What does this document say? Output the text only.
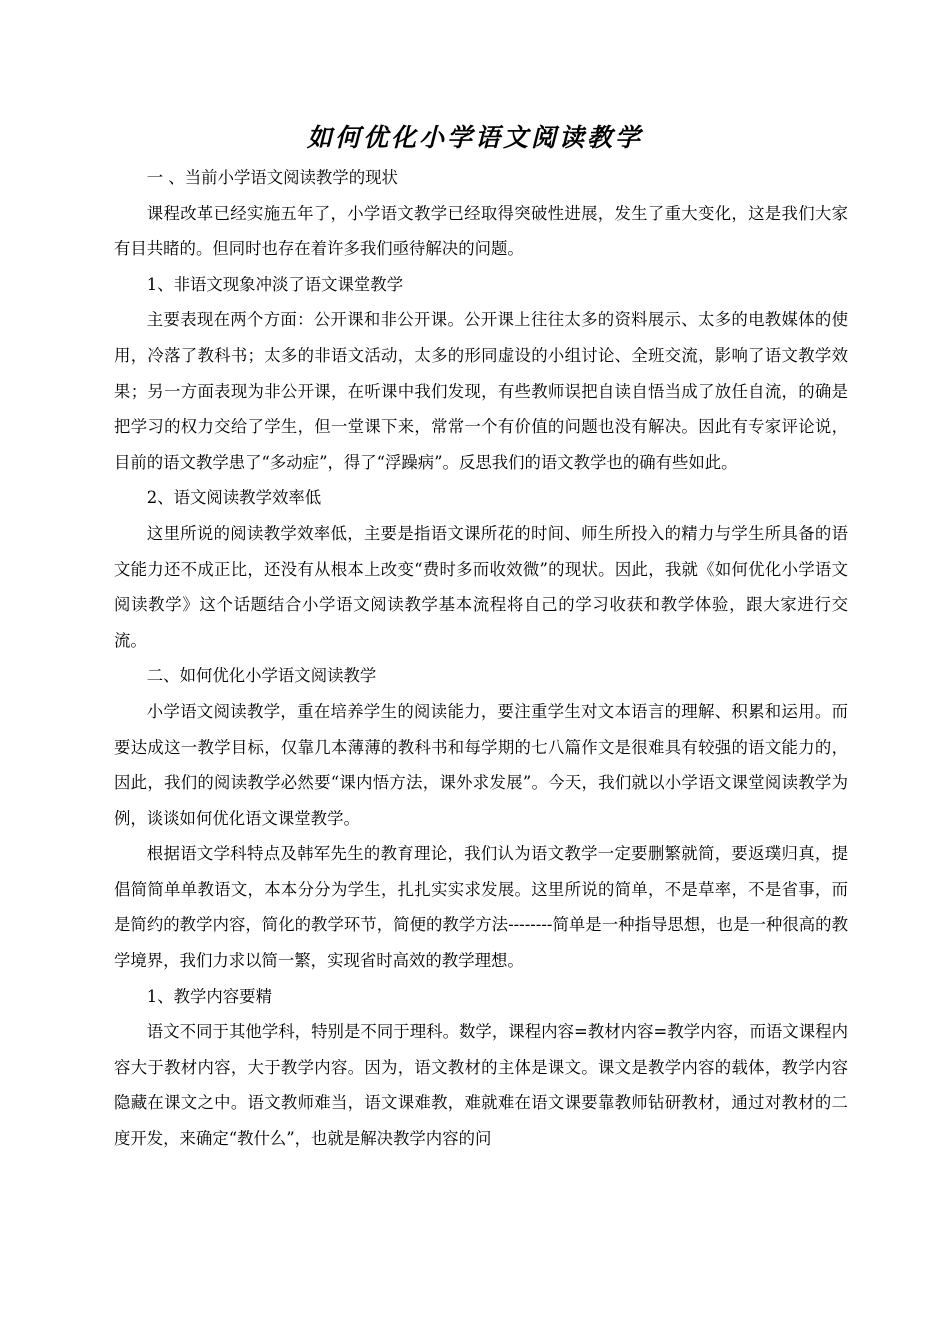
如何优化小学语文阅读教学

一 、当前小学语文阅读教学的现状

课程改革已经实施五年了，小学语文教学已经取得突破性进展，发生了重大变化，这是我们大家有目共睹的。但同时也存在着许多我们亟待解决的问题。

1、非语文现象冲淡了语文课堂教学

主要表现在两个方面：公开课和非公开课。公开课上往往太多的资料展示、太多的电教媒体的使用，冷落了教科书；太多的非语文活动，太多的形同虚设的小组讨论、全班交流，影响了语文教学效果；另一方面表现为非公开课，在听课中我们发现，有些教师误把自读自悟当成了放任自流，的确是把学习的权力交给了学生，但一堂课下来，常常一个有价值的问题也没有解决。因此有专家评论说，目前的语文教学患了“多动症”，得了“浮躁病”。反思我们的语文教学也的确有些如此。

2、语文阅读教学效率低

这里所说的阅读教学效率低，主要是指语文课所花的时间、师生所投入的精力与学生所具备的语文能力还不成正比，还没有从根本上改变“费时多而收效微”的现状。因此，我就《如何优化小学语文阅读教学》这个话题结合小学语文阅读教学基本流程将自己的学习收获和教学体验，跟大家进行交流。

二、如何优化小学语文阅读教学

小学语文阅读教学，重在培养学生的阅读能力，要注重学生对文本语言的理解、积累和运用。而要达成这一教学目标，仅靠几本薄薄的教科书和每学期的七八篇作文是很难具有较强的语文能力的，因此，我们的阅读教学必然要“课内悟方法，课外求发展”。今天，我们就以小学语文课堂阅读教学为例，谈谈如何优化语文课堂教学。

根据语文学科特点及韩军先生的教育理论，我们认为语文教学一定要删繁就简，要返璞归真，提倡简简单单教语文，本本分分为学生，扎扎实实求发展。这里所说的简单，不是草率，不是省事，而是简约的教学内容，简化的教学环节，简便的教学方法--------简单是一种指导思想，也是一种很高的教学境界，我们力求以简一繁，实现省时高效的教学理想。

1、教学内容要精

语文不同于其他学科，特别是不同于理科。数学，课程内容=教材内容=教学内容，而语文课程内容大于教材内容，大于教学内容。因为，语文教材的主体是课文。课文是教学内容的载体，教学内容隐藏在课文之中。语文教师难当，语文课难教，难就难在语文课要靠教师钻研教材，通过对教材的二度开发，来确定“教什么”，也就是解决教学内容的问
